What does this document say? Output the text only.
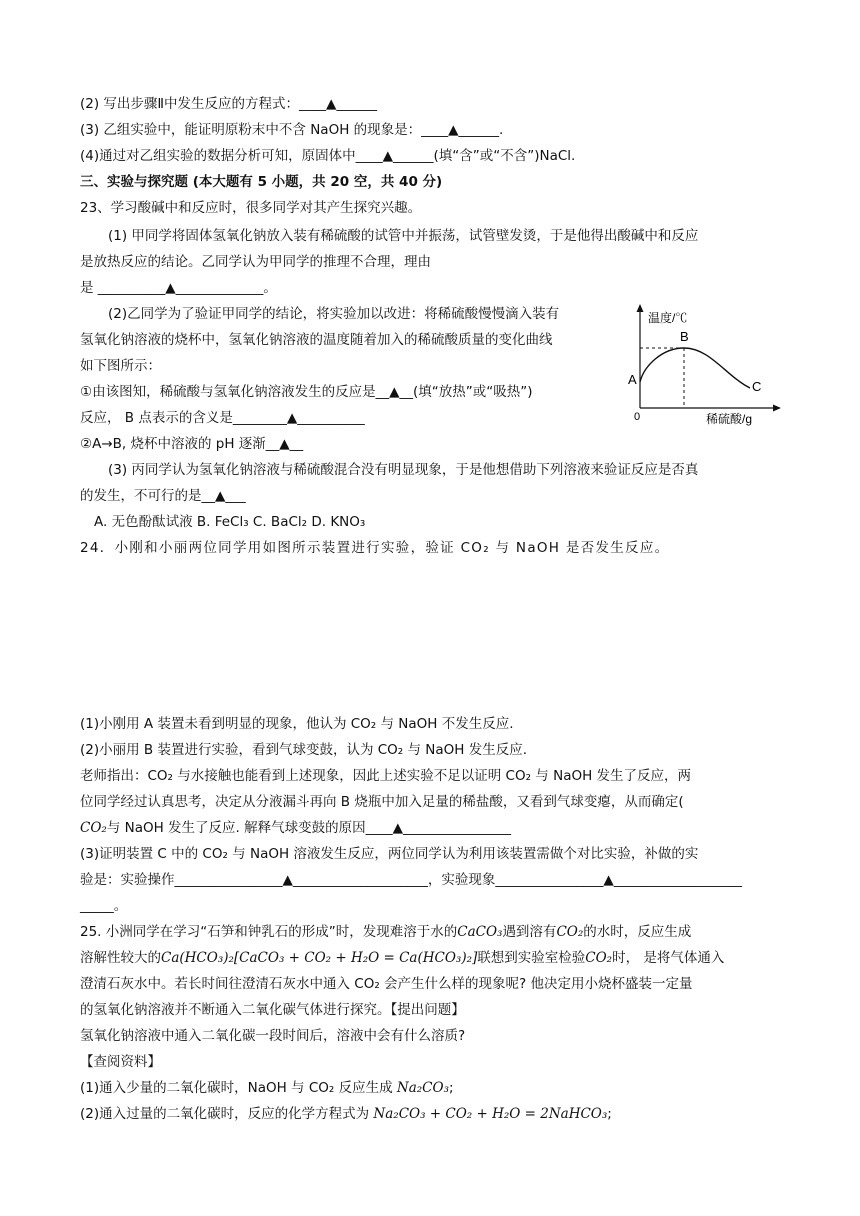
(2) 写出步骤Ⅱ中发生反应的方程式：____▲______
(3) 乙组实验中，能证明原粉末中不含 NaOH 的现象是：____▲______.
(4)通过对乙组实验的数据分析可知，原固体中____▲______(填“含”或“不含”)NaCl.
三、实验与探究题 (本大题有 5 小题，共 20 空，共 40 分)
23、学习酸碱中和反应时，很多同学对其产生探究兴趣。
(1) 甲同学将固体氢氧化钠放入装有稀硫酸的试管中并振荡，试管壁发烫，于是他得出酸碱中和反应
是放热反应的结论。乙同学认为甲同学的推理不合理，理由
是 __________▲_____________。
(2)乙同学为了验证甲同学的结论，将实验加以改进：将稀硫酸慢慢滴入装有
氢氧化钠溶液的烧杯中，氢氧化钠溶液的温度随着加入的稀硫酸质量的变化曲线
如下图所示：
①由该图知，稀硫酸与氢氧化钠溶液发生的反应是__▲__(填“放热”或“吸热”)
反应， B 点表示的含义是________▲__________
②A→B, 烧杯中溶液的 pH 逐渐__▲__
(3) 丙同学认为氢氧化钠溶液与稀硫酸混合没有明显现象，于是他想借助下列溶液来验证反应是否真
的发生，不可行的是__▲___
A. 无色酚酞试液 B. FeCl₃ C. BaCl₂ D. KNO₃
24．小刚和小丽两位同学用如图所示装置进行实验，验证 CO₂ 与 NaOH 是否发生反应。
(1)小刚用 A 装置未看到明显的现象，他认为 CO₂ 与 NaOH 不发生反应.
(2)小丽用 B 装置进行实验，看到气球变鼓，认为 CO₂ 与 NaOH 发生反应.
老师指出：CO₂ 与水接触也能看到上述现象，因此上述实验不足以证明 CO₂ 与 NaOH 发生了反应，两
位同学经过认真思考，决定从分液漏斗再向 B 烧瓶中加入足量的稀盐酸，又看到气球变瘪，从而确定(
CO₂与 NaOH 发生了反应. 解释气球变鼓的原因____▲________________
(3)证明装置 C 中的 CO₂ 与 NaOH 溶液发生反应，两位同学认为利用该装置需做个对比实验，补做的实
验是：实验操作________________▲____________________，实验现象________________▲___________________
_____。
25. 小洲同学在学习“石笋和钟乳石的形成”时，发现难溶于水的CaCO₃遇到溶有CO₂的水时，反应生成
溶解性较大的Ca(HCO₃)₂[CaCO₃ + CO₂ + H₂O = Ca(HCO₃)₂]联想到实验室检验CO₂时， 是将气体通入
澄清石灰水中。若长时间往澄清石灰水中通入 CO₂ 会产生什么样的现象呢? 他决定用小烧杯盛装一定量
的氢氧化钠溶液并不断通入二氧化碳气体进行探究。【提出问题】
氢氧化钠溶液中通入二氧化碳一段时间后，溶液中会有什么溶质?
【查阅资料】
(1)通入少量的二氧化碳时，NaOH 与 CO₂ 反应生成 Na₂CO₃;
(2)通入过量的二氧化碳时，反应的化学方程式为 Na₂CO₃ + CO₂ + H₂O = 2NaHCO₃;
温度/℃
稀硫酸/g
0
A
B
C
